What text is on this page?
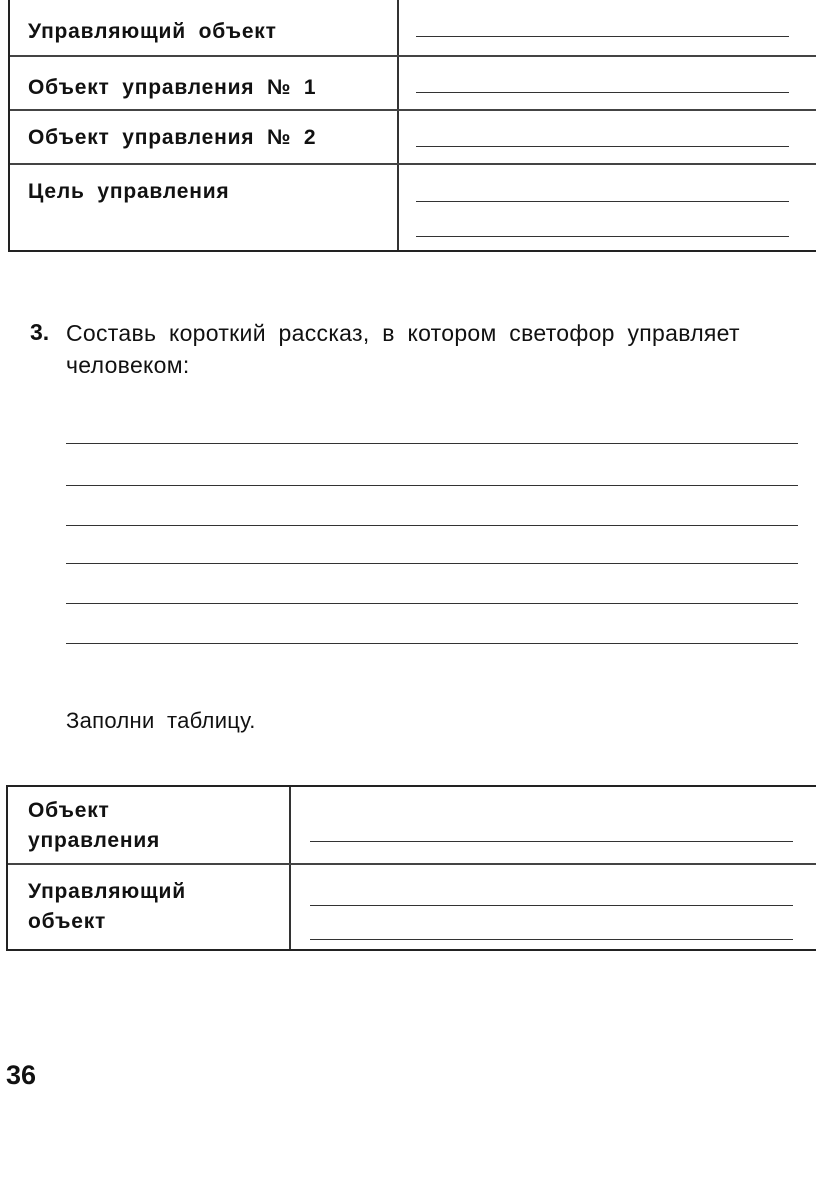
Управляющий объект
Объект управления № 1
Объект управления № 2
Цель управления
3. Составь короткий рассказ, в котором светофор управляет
человеком:
Заполни таблицу.
Объект
управления
Управляющий
объект
36
